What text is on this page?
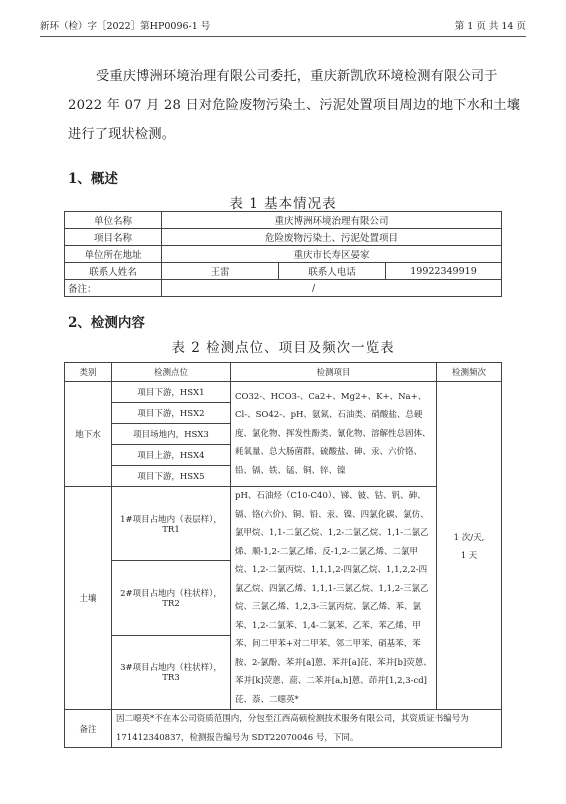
新环（检）字［2022］第HP0096-1 号	第 1 页 共 14 页
受重庆博洲环境治理有限公司委托，重庆新凯欣环境检测有限公司于2022 年 07 月 28 日对危险废物污染土、污泥处置项目周边的地下水和土壤进行了现状检测。
1、概述
表 1 基本情况表
单位名称	重庆博洲环境治理有限公司		
项目名称	危险废物污染土、污泥处置项目		
单位所在地址	重庆市长寿区晏家		
联系人姓名	王雷	联系人电话	19922349919
备注：	/		
2、检测内容
表 2 检测点位、项目及频次一览表
类别	检测点位	检测项目	检测频次
地下水	项目下游，HSX1	CO32-、HCO3-、Ca2+、Mg2+、K+、Na+、Cl-、SO42-、pH、氨氮、石油类、硝酸盐、总硬度、氯化物、挥发性酚类、氰化物、溶解性总固体、耗氧量、总大肠菌群、硫酸盐、砷、汞、六价铬、铅、镉、铁、锰、铜、锌、镍	1 次/天,
1 天

	项目下游，HSX2		
	项目场地内，HSX3		
	项目上游，HSX4		
	项目下游，HSX5		
土壤	1#项目占地内（表层样），TR1	pH、石油烃（C10-C40）、锑、铍、钴、钒、砷、镉、铬(六价)、铜、铅、汞、镍、四氯化碳、氯仿、氯甲烷、1,1-二氯乙烷、1,2-二氯乙烷、1,1-二氯乙烯、顺-1,2-二氯乙烯、反-1,2-二氯乙烯、二氯甲烷、1,2-二氯丙烷、1,1,1,2-四氯乙烷、1,1,2,2-四氯乙烷、四氯乙烯、1,1,1-三氯乙烷、1,1,2-三氯乙烷、三氯乙烯、1,2,3-三氯丙烷、氯乙烯、苯、氯苯、1,2-二氯苯、1,4-二氯苯、乙苯、苯乙烯、甲苯、间二甲苯+对二甲苯、邻二甲苯、硝基苯、苯胺、2-氯酚、苯并[a]蒽、苯并[a]芘、苯并[b]荧蒽、苯并[k]荧蒽、䓛、二苯并[a,h]蒽、茚并[1,2,3-cd]芘、萘、二噁英*	
	2#项目占地内（柱状样），TR2		
	3#项目占地内（柱状样），TR3		
备注	因二噁英*不在本公司资质范围内，分包至江西高硕检测技术服务有限公司，其资质证书编号为171412340837，检测报告编号为 SDT22070046 号，下同。		
